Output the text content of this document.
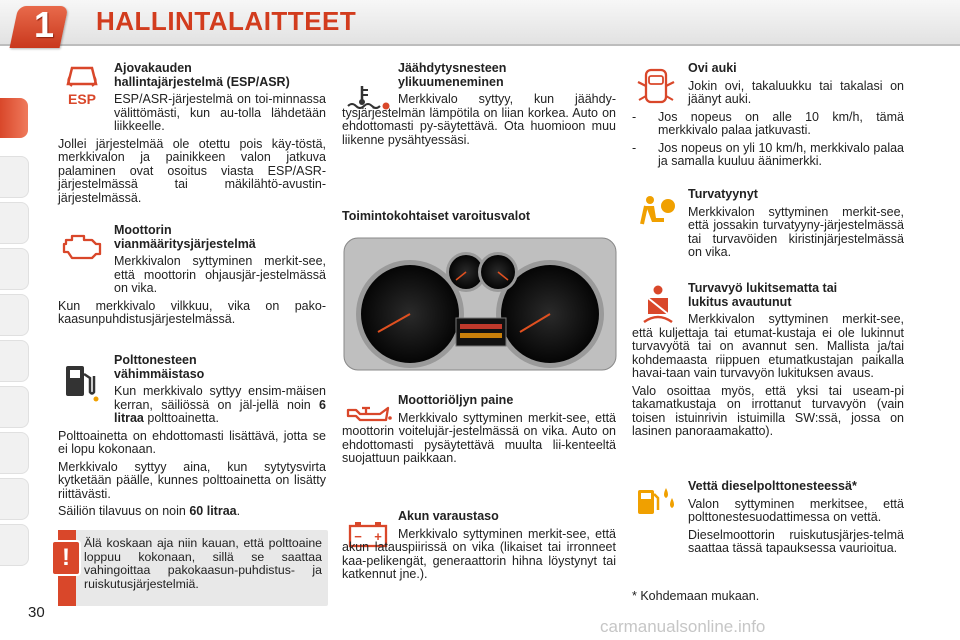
1	HALLINTALAITTEET
30
ESP
Ajovakauden
hallintajärjestelmä (ESP/ASR)

ESP/ASR-järjestelmä on toi-minnassa välittömästi, kun au-tolla lähdetään liikkeelle.

Jollei järjestelmää ole otettu pois käy-töstä, merkkivalon ja painikkeen valon jatkuva palaminen ovat osoitus viasta ESP/ASR-järjestelmässä tai mäkilähtö-avustin-järjestelmässä.

Moottorin
vianmääritysjärjestelmä

Merkkivalon syttyminen merkit-see, että moottorin ohjausjär-jestelmässä on vika.

Kun merkkivalo vilkkuu, vika on pako-kaasunpuhdistusjärjestelmässä.

Polttonesteen
vähimmäistaso

Kun merkkivalo syttyy ensim-mäisen kerran, säiliössä on jäl-jellä noin 6 litraa polttoainetta.

Polttoainetta on ehdottomasti lisättävä, jotta se ei lopu kokonaan.

Merkkivalo syttyy aina, kun sytytysvirta kytketään päälle, kunnes polttoainetta on lisätty riittävästi.

Säiliön tilavuus on noin 60 litraa.

!
Älä koskaan aja niin kauan, että polttoaine loppuu kokonaan, sillä se saattaa vahingoittaa pakokaasun-puhdistus- ja ruiskutusjärjestelmiä.
Jäähdytysnesteen
ylikuumeneminen

Merkkivalo syttyy, kun jäähdy-tysjärjestelmän lämpötila on liian korkea. Auto on ehdottomasti py-säytettävä. Ota huomioon muu liikenne pysähtyessäsi.

Toimintokohtaiset varoitusvalot
Moottoriöljyn paine

Merkkivalo syttyminen merkit-see, että moottorin voitelujär-jestelmässä on vika. Auto on ehdottomasti pysäytettävä muulta lii-kenteeltä suojattuun paikkaan.

− +
Akun varaustaso

Merkkivalo syttyminen merkit-see, että akun latauspiirissä on vika (likaiset tai irronneet kaa-pelikengät, generaattorin hihna löystynyt tai katkennut jne.).

Ovi auki

Jokin ovi, takaluukku tai takalasi on jäänyt auki.

-	Jos nopeus on alle 10 km/h, tämä merkkivalo palaa jatkuvasti.
-	Jos nopeus on yli 10 km/h, merkkivalo palaa ja samalla kuuluu äänimerkki.
Turvatyynyt

Merkkivalon syttyminen merkit-see, että jossakin turvatyyny-järjestelmässä tai turvavöiden kiristinjärjestelmässä on vika.

Turvavyö lukitsematta tai
lukitus avautunut

Merkkivalon syttyminen merkit-see, että kuljettaja tai etumat-kustaja ei ole lukinnut turvavyötä tai on avannut sen. Mallista ja/tai kohdemaasta riippuen etumatkustajan paikalla havai-taan vain turvavyön lukituksen avaus.

Valo osoittaa myös, että yksi tai useam-pi takamatkustaja on irrottanut turvavyön (vain toisen istuinrivin istuimilla SW:ssä, jossa on lasinen panoraamakatto).

Vettä dieselpolttonesteessä*

Valon syttyminen merkitsee, että polttonestesuodattimessa on vettä.

Dieselmoottorin ruiskutusjärjes-telmä saattaa tässä tapauksessa vaurioitua.

* Kohdemaan mukaan.
carmanualsonline.info
